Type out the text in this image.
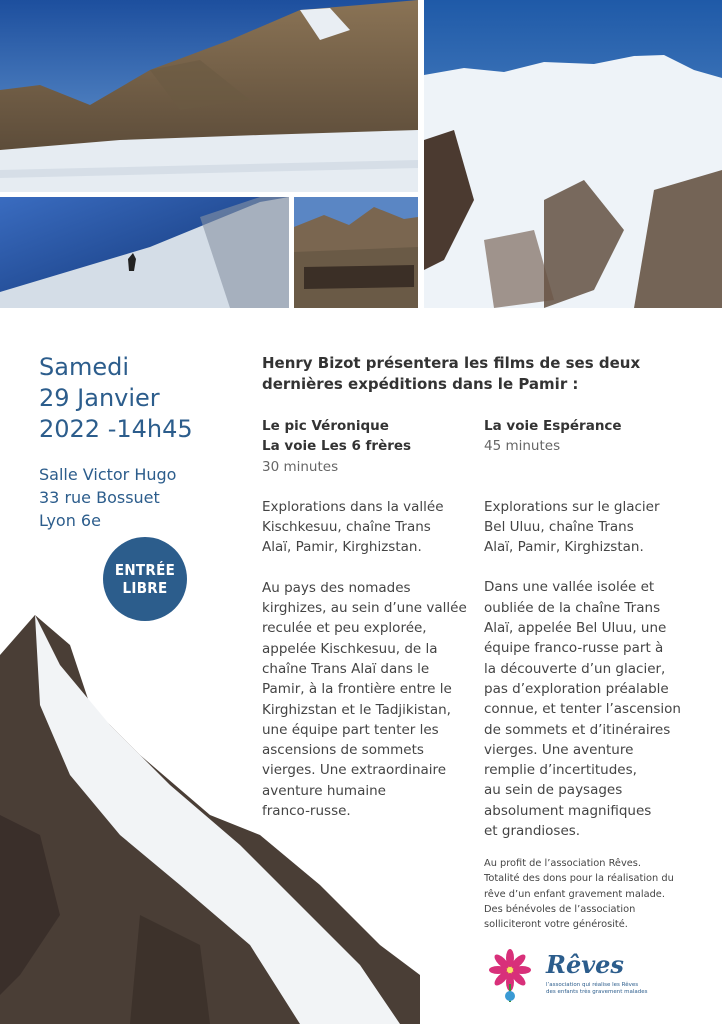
Samedi
29 Janvier
2022 -14h45
Salle Victor Hugo
33 rue Bossuet
Lyon 6e
ENTRÉE
LIBRE
Henry Bizot présentera les films de ses deux
dernières expéditions dans le Pamir :
Le pic Véronique
La voie Les 6 frères
30 minutes

Explorations dans la vallée

Kischkesuu, chaîne Trans

Alaï, Pamir, Kirghizstan.

Au pays des nomades

kirghizes, au sein d’une vallée

reculée et peu explorée,

appelée Kischkesuu, de la

chaîne Trans Alaï dans le

Pamir, à la frontière entre le

Kirghizstan et le Tadjikistan,

une équipe part tenter les

ascensions de sommets

vierges. Une extraordinaire

aventure humaine

franco-russe.

La voie Espérance
45 minutes

Explorations sur le glacier

Bel Uluu, chaîne Trans

Alaï, Pamir, Kirghizstan.

Dans une vallée isolée et

oubliée de la chaîne Trans

Alaï, appelée Bel Uluu, une

équipe franco-russe part à

la découverte d’un glacier,

pas d’exploration préalable

connue, et tenter l’ascension

de sommets et d’itinéraires

vierges. Une aventure

remplie d’incertitudes,

au sein de paysages

absolument magnifiques

et grandioses.

Au profit de l’association Rêves.
Totalité des dons pour la réalisation du
rêve d’un enfant gravement malade.
Des bénévoles de l’association
solliciteront votre générosité.
Rêves
l’association qui réalise les Rêves
des enfants très gravement malades
